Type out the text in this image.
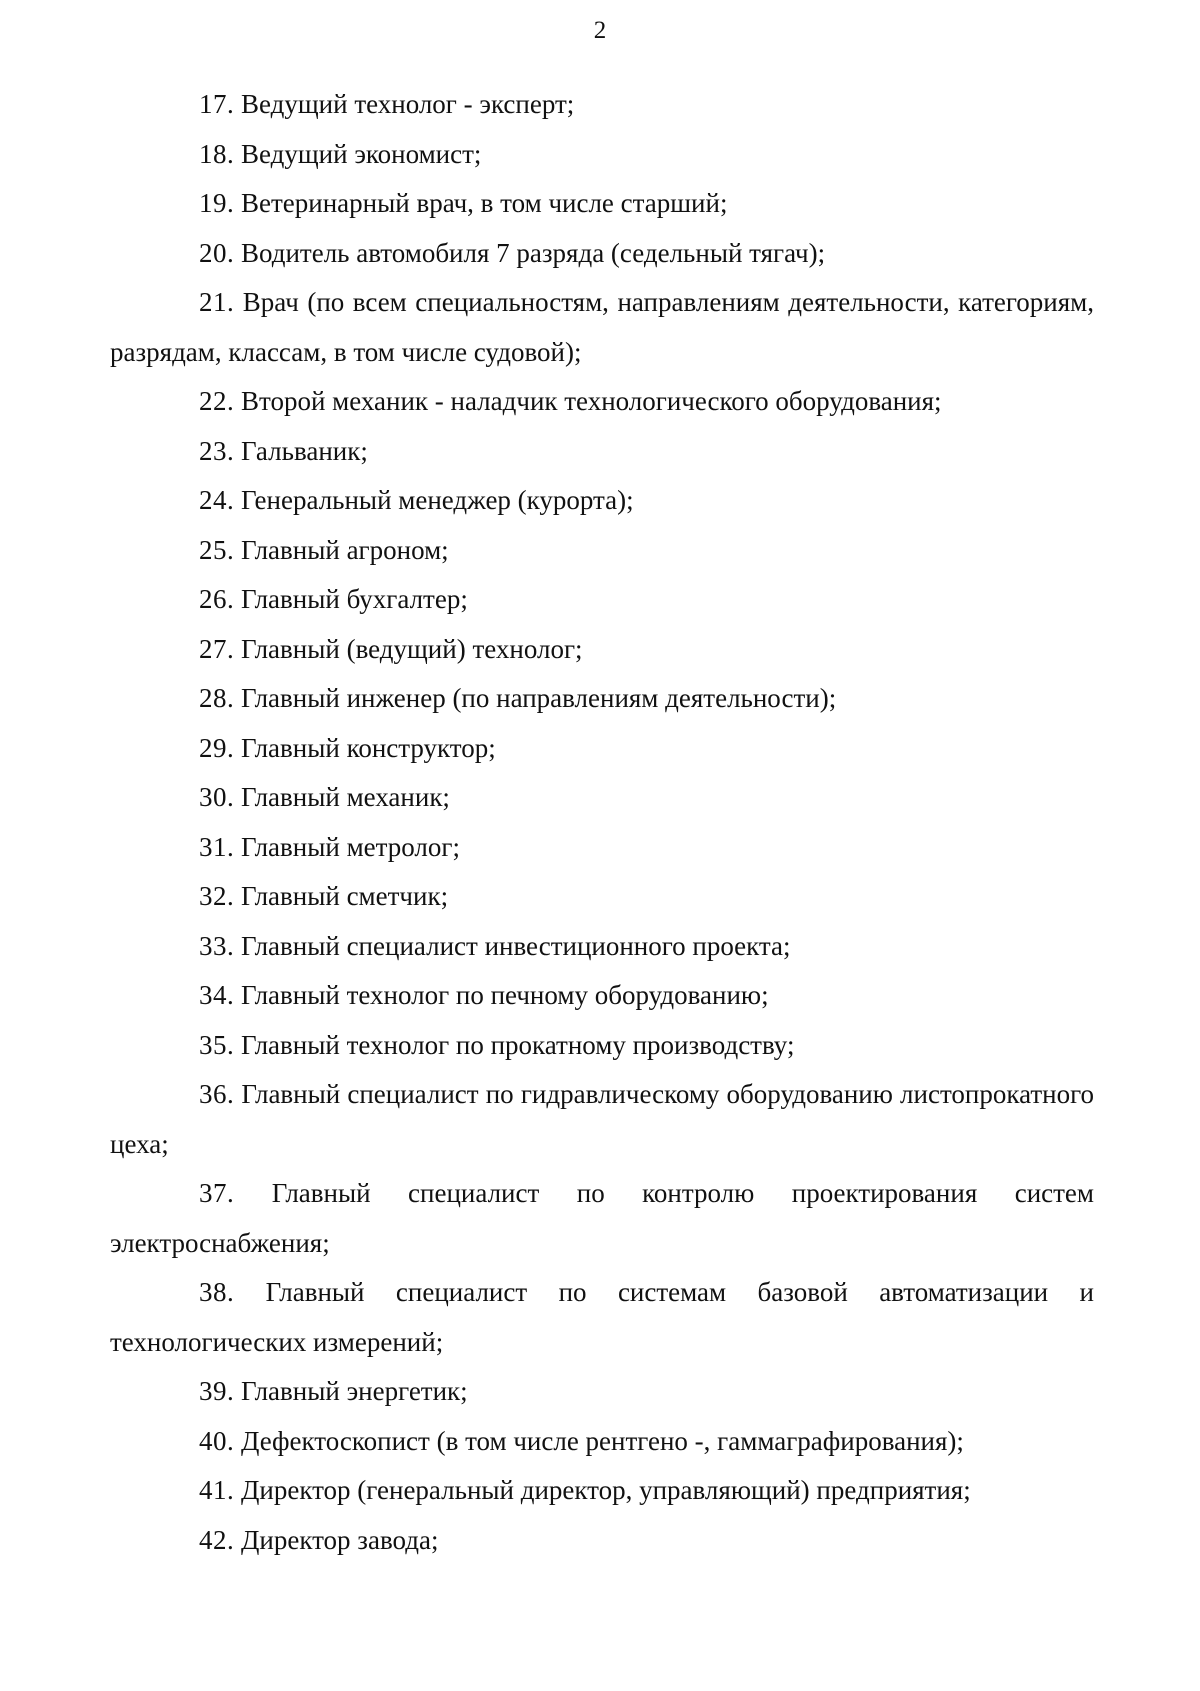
2
17. Ведущий технолог - эксперт;
18. Ведущий экономист;
19. Ветеринарный врач, в том числе старший;
20. Водитель автомобиля 7 разряда (седельный тягач);
21. Врач (по всем специальностям, направлениям деятельности, категориям, разрядам, классам, в том числе судовой);
22. Второй механик - наладчик технологического оборудования;
23. Гальваник;
24. Генеральный менеджер (курорта);
25. Главный агроном;
26. Главный бухгалтер;
27. Главный (ведущий) технолог;
28. Главный инженер (по направлениям деятельности);
29. Главный конструктор;
30. Главный механик;
31. Главный метролог;
32. Главный сметчик;
33. Главный специалист инвестиционного проекта;
34. Главный технолог по печному оборудованию;
35. Главный технолог по прокатному производству;
36. Главный специалист по гидравлическому оборудованию листопрокатного цеха;
37. Главный специалист по контролю проектирования систем электроснабжения;
38. Главный специалист по системам базовой автоматизации и технологических измерений;
39. Главный энергетик;
40. Дефектоскопист (в том числе рентгено -, гаммаграфирования);
41. Директор (генеральный директор, управляющий) предприятия;
42. Директор завода;
